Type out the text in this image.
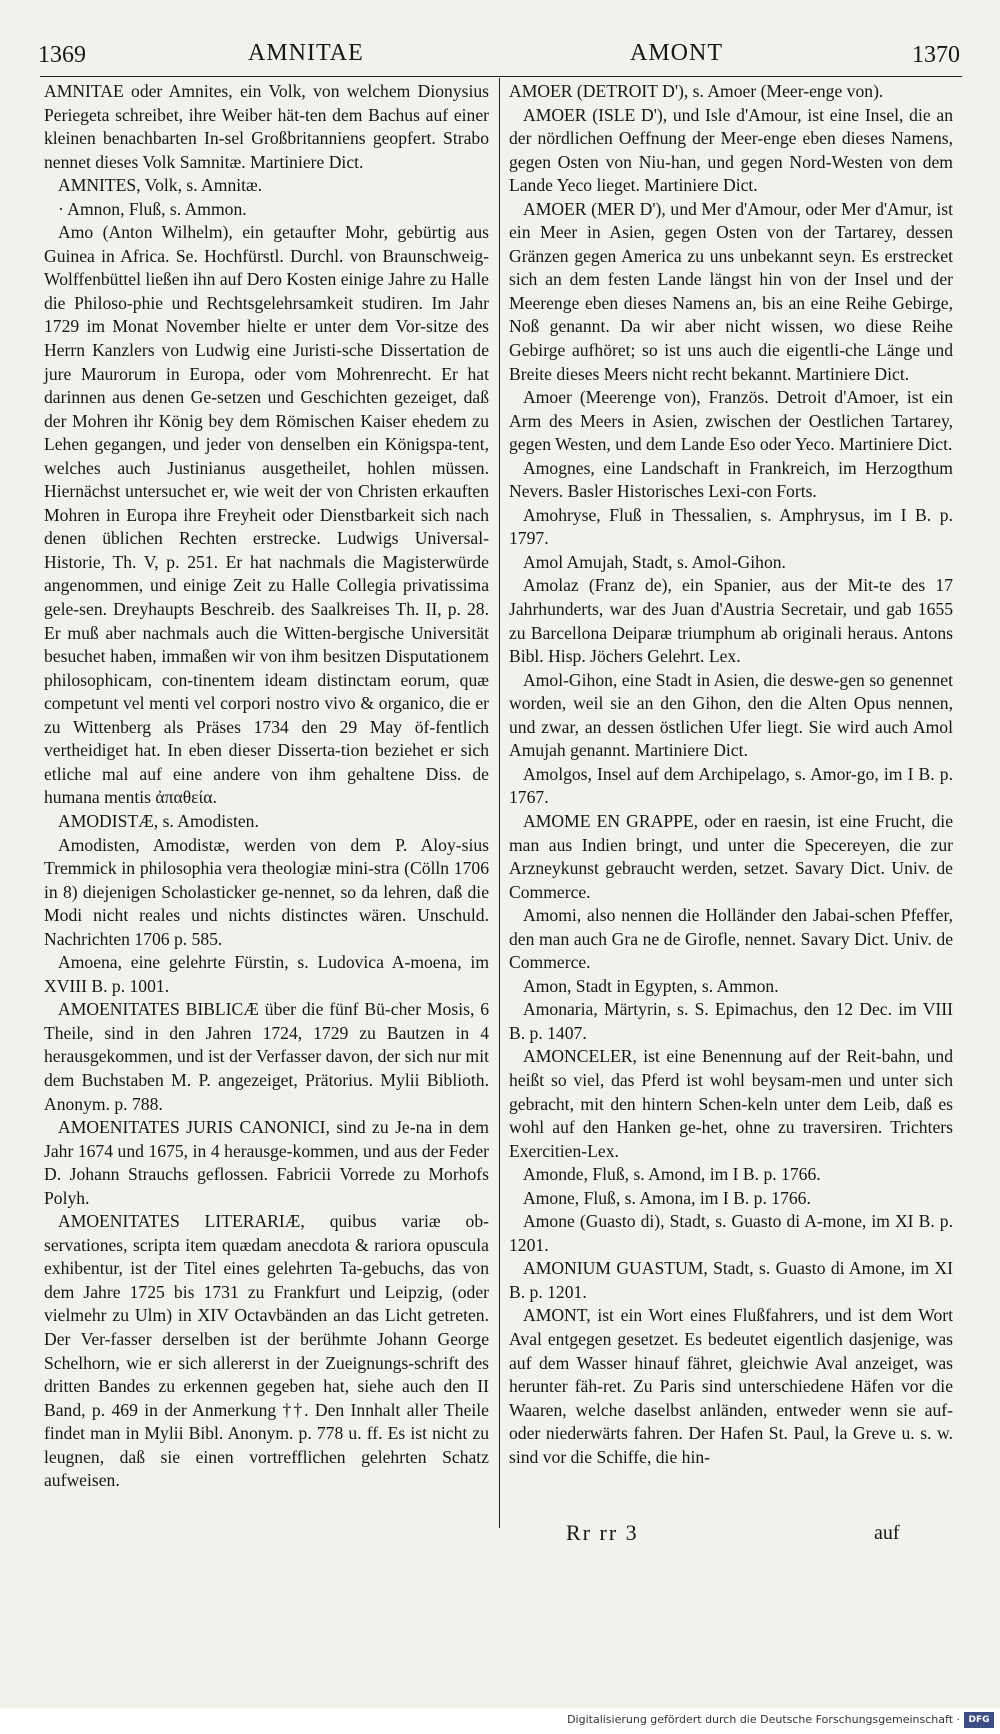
1369	AMNITAE	AMONT	1370

AMNITAE oder Amnites, ein Volk, von welchem Dionysius Periegeta schreibet, ihre Weiber hät-ten dem Bachus auf einer kleinen benachbarten In-sel Großbritanniens geopfert. Strabo nennet dieses Volk Samnitæ. Martiniere Dict.

AMNITES, Volk, s. Amnitæ.

· Amnon, Fluß, s. Ammon.

Amo (Anton Wilhelm), ein getaufter Mohr, gebürtig aus Guinea in Africa. Se. Hochfürstl. Durchl. von Braunschweig-Wolffenbüttel ließen ihn auf Dero Kosten einige Jahre zu Halle die Philoso-phie und Rechtsgelehrsamkeit studiren. Im Jahr 1729 im Monat November hielte er unter dem Vor-sitze des Herrn Kanzlers von Ludwig eine Juristi-sche Dissertation de jure Maurorum in Europa, oder vom Mohrenrecht. Er hat darinnen aus denen Ge-setzen und Geschichten gezeiget, daß der Mohren ihr König bey dem Römischen Kaiser ehedem zu Lehen gegangen, und jeder von denselben ein Königspa-tent, welches auch Justinianus ausgetheilet, hohlen müssen. Hiernächst untersuchet er, wie weit der von Christen erkauften Mohren in Europa ihre Freyheit oder Dienstbarkeit sich nach denen üblichen Rechten erstrecke. Ludwigs Universal-Historie, Th. V, p. 251. Er hat nachmals die Magisterwürde angenommen, und einige Zeit zu Halle Collegia privatissima gele-sen. Dreyhaupts Beschreib. des Saalkreises Th. II, p. 28. Er muß aber nachmals auch die Witten-bergische Universität besuchet haben, immaßen wir von ihm besitzen Disputationem philosophicam, con-tinentem ideam distinctam eorum, quæ competunt vel menti vel corpori nostro vivo & organico, die er zu Wittenberg als Präses 1734 den 29 May öf-fentlich vertheidiget hat. In eben dieser Disserta-tion beziehet er sich etliche mal auf eine andere von ihm gehaltene Diss. de humana mentis ἀπαθεία.

AMODISTÆ, s. Amodisten.

Amodisten, Amodistæ, werden von dem P. Aloy-sius Tremmick in philosophia vera theologiæ mini-stra (Cölln 1706 in 8) diejenigen Scholasticker ge-nennet, so da lehren, daß die Modi nicht reales und nichts distinctes wären. Unschuld. Nachrichten 1706 p. 585.

Amoena, eine gelehrte Fürstin, s. Ludovica A-moena, im XVIII B. p. 1001.

AMOENITATES BIBLICÆ über die fünf Bü-cher Mosis, 6 Theile, sind in den Jahren 1724, 1729 zu Bautzen in 4 herausgekommen, und ist der Verfasser davon, der sich nur mit dem Buchstaben M. P. angezeiget, Prätorius. Mylii Biblioth. Anonym. p. 788.

AMOENITATES JURIS CANONICI, sind zu Je-na in dem Jahr 1674 und 1675, in 4 herausge-kommen, und aus der Feder D. Johann Strauchs geflossen. Fabricii Vorrede zu Morhofs Polyh.

AMOENITATES LITERARIÆ, quibus variæ ob-servationes, scripta item quædam anecdota & rariora opuscula exhibentur, ist der Titel eines gelehrten Ta-gebuchs, das von dem Jahre 1725 bis 1731 zu Frankfurt und Leipzig, (oder vielmehr zu Ulm) in XIV Octavbänden an das Licht getreten. Der Ver-fasser derselben ist der berühmte Johann George Schelhorn, wie er sich allererst in der Zueignungs-schrift des dritten Bandes zu erkennen gegeben hat, siehe auch den II Band, p. 469 in der Anmerkung ††. Den Innhalt aller Theile findet man in Mylii Bibl. Anonym. p. 778 u. ff. Es ist nicht zu leugnen, daß sie einen vortrefflichen gelehrten Schatz aufweisen.

AMOER (DETROIT D'), s. Amoer (Meer-enge von).

AMOER (ISLE D'), und Isle d'Amour, ist eine Insel, die an der nördlichen Oeffnung der Meer-enge eben dieses Namens, gegen Osten von Niu-han, und gegen Nord-Westen von dem Lande Yeco lieget. Martiniere Dict.

AMOER (MER D'), und Mer d'Amour, oder Mer d'Amur, ist ein Meer in Asien, gegen Osten von der Tartarey, dessen Gränzen gegen America zu uns unbekannt seyn. Es erstrecket sich an dem festen Lande längst hin von der Insel und der Meerenge eben dieses Namens an, bis an eine Reihe Gebirge, Noß genannt. Da wir aber nicht wissen, wo diese Reihe Gebirge aufhöret; so ist uns auch die eigentli-che Länge und Breite dieses Meers nicht recht bekannt. Martiniere Dict.

Amoer (Meerenge von), Französ. Detroit d'Amoer, ist ein Arm des Meers in Asien, zwischen der Oestlichen Tartarey, gegen Westen, und dem Lande Eso oder Yeco. Martiniere Dict.

Amognes, eine Landschaft in Frankreich, im Herzogthum Nevers. Basler Historisches Lexi-con Forts.

Amohryse, Fluß in Thessalien, s. Amphrysus, im I B. p. 1797.

Amol Amujah, Stadt, s. Amol-Gihon.

Amolaz (Franz de), ein Spanier, aus der Mit-te des 17 Jahrhunderts, war des Juan d'Austria Secretair, und gab 1655 zu Barcellona Deiparæ triumphum ab originali heraus. Antons Bibl. Hisp. Jöchers Gelehrt. Lex.

Amol-Gihon, eine Stadt in Asien, die deswe-gen so genennet worden, weil sie an den Gihon, den die Alten Opus nennen, und zwar, an dessen östlichen Ufer liegt. Sie wird auch Amol Amujah genannt. Martiniere Dict.

Amolgos, Insel auf dem Archipelago, s. Amor-go, im I B. p. 1767.

AMOME EN GRAPPE, oder en raesin, ist eine Frucht, die man aus Indien bringt, und unter die Specereyen, die zur Arzneykunst gebraucht werden, setzet. Savary Dict. Univ. de Commerce.

Amomi, also nennen die Holländer den Jabai-schen Pfeffer, den man auch Gra ne de Girofle, nennet. Savary Dict. Univ. de Commerce.

Amon, Stadt in Egypten, s. Ammon.

Amonaria, Märtyrin, s. S. Epimachus, den 12 Dec. im VIII B. p. 1407.

AMONCELER, ist eine Benennung auf der Reit-bahn, und heißt so viel, das Pferd ist wohl beysam-men und unter sich gebracht, mit den hintern Schen-keln unter dem Leib, daß es wohl auf den Hanken ge-het, ohne zu traversiren. Trichters Exercitien-Lex.

Amonde, Fluß, s. Amond, im I B. p. 1766.

Amone, Fluß, s. Amona, im I B. p. 1766.

Amone (Guasto di), Stadt, s. Guasto di A-mone, im XI B. p. 1201.

AMONIUM GUASTUM, Stadt, s. Guasto di Amone, im XI B. p. 1201.

AMONT, ist ein Wort eines Flußfahrers, und ist dem Wort Aval entgegen gesetzet. Es bedeutet eigentlich dasjenige, was auf dem Wasser hinauf fähret, gleichwie Aval anzeiget, was herunter fäh-ret. Zu Paris sind unterschiedene Häfen vor die Waaren, welche daselbst anländen, entweder wenn sie auf- oder niederwärts fahren. Der Hafen St. Paul, la Greve u. s. w. sind vor die Schiffe, die hin-

Rr rr 3	auf
Digitalisierung gefördert durch die Deutsche Forschungsgemeinschaft · DFG
